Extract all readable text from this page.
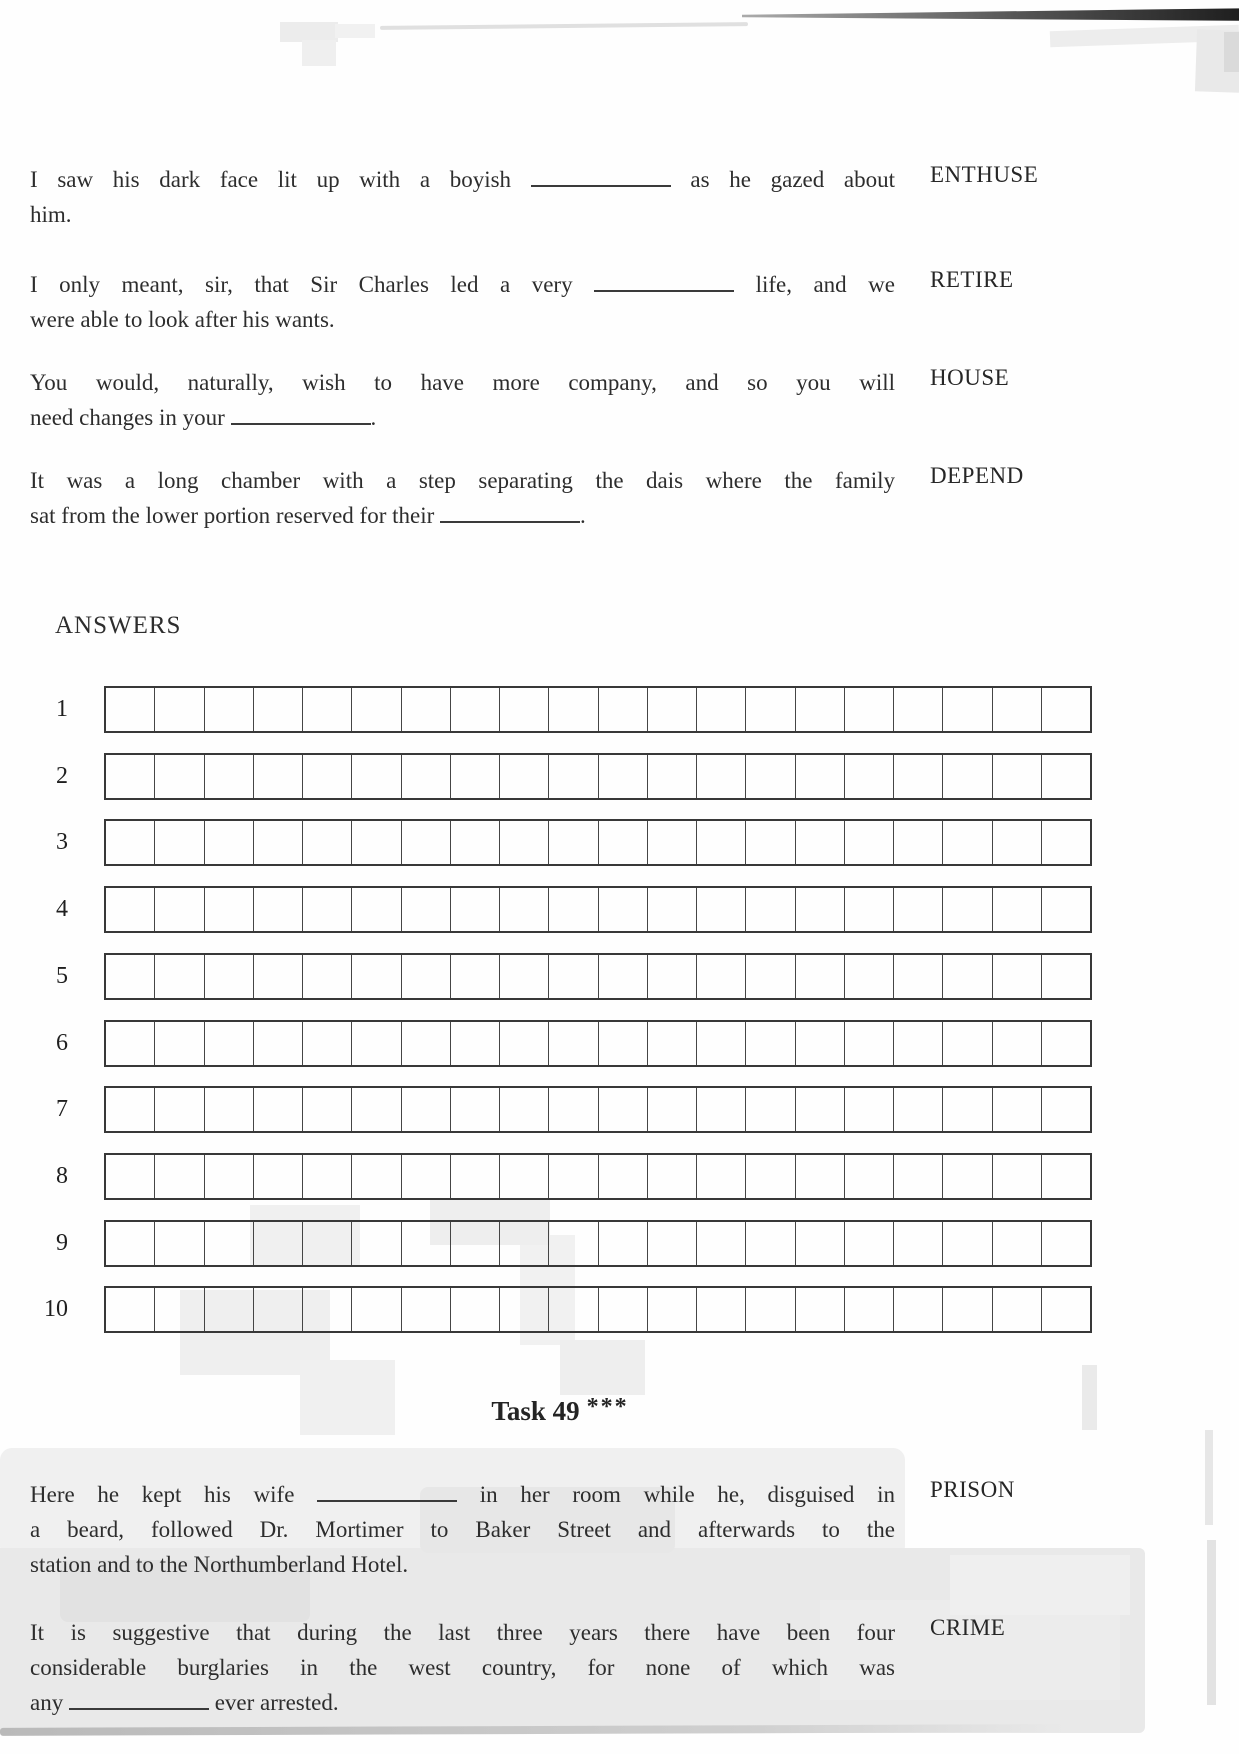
I saw his dark face lit up with a boyish	as he gazed about
him.
ENTHUSE
I only meant, sir, that Sir Charles led a very	life, and we
were able to look after his wants.
RETIRE
You would, naturally, wish to have more company, and so you will
need changes in your	.
HOUSE
It was a long chamber with a step separating the dais where the family
sat from the lower portion reserved for their	.
DEPEND
ANSWERS
1
2
3
4
5
6
7
8
9
10
Task 49 ***
Here he kept his wife	in her room while he, disguised in
a beard, followed Dr. Mortimer to Baker Street and afterwards to the
station and to the Northumberland Hotel.
PRISON
It is suggestive that during the last three years there have been four
considerable burglaries in the west country, for none of which was
any	ever arrested.
CRIME
